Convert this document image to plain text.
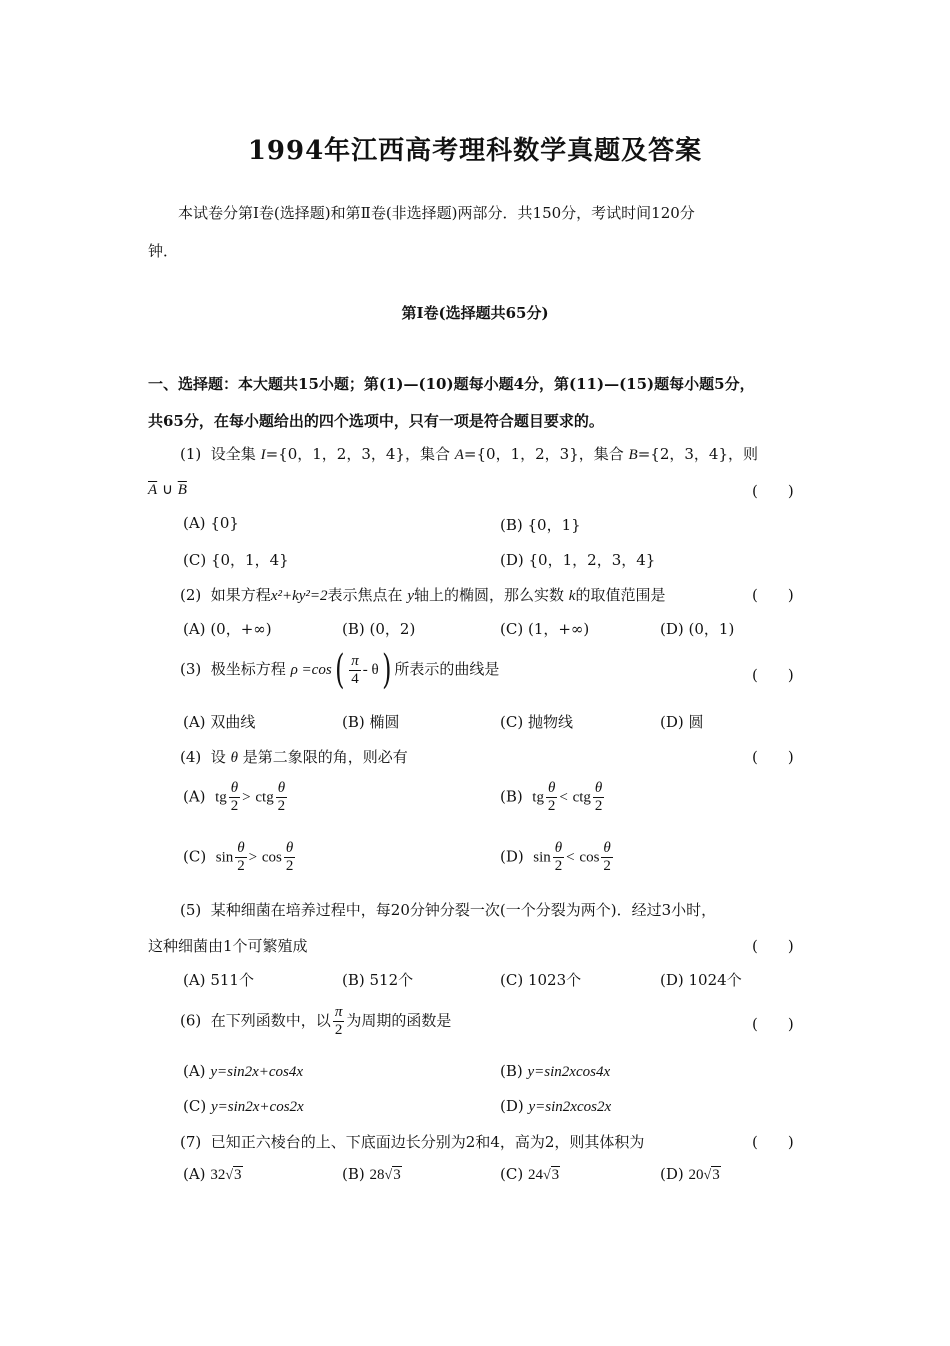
1994年江西高考理科数学真题及答案
本试卷分第Ⅰ卷(选择题)和第Ⅱ卷(非选择题)两部分．共150分，考试时间120分
钟．
第Ⅰ卷(选择题共65分)
一、选择题：本大题共15小题；第(1)—(10)题每小题4分，第(11)—(15)题每小题5分，
共65分，在每小题给出的四个选项中，只有一项是符合题目要求的。
(1) 设全集 I={0，1，2，3，4}，集合 A={0，1，2，3}，集合 B={2，3，4}，则
$\overline{A}$ ∪ $\overline{B}$	(　　)
(A) {0}	(B) {0，1}
(C) {0，1，4}	(D) {0，1，2，3，4}
(2) 如果方程x²+ky²=2表示焦点在 y轴上的椭圆，那么实数 k的取值范围是	(　　)
(A) (0，+∞)	(B) (0，2)	(C) (1，+∞)	(D) (0，1)
(3) 极坐标方程 $\rho =\cos( \frac{\pi}{4} - \theta)$ 所表示的曲线是	(　　)
(A) 双曲线	(B) 椭圆	(C) 抛物线	(D) 圆
(4) 设 θ 是第二象限的角，则必有	(　　)
(A) tg $\frac{\theta}{2}$ > ctg $\frac{\theta}{2}$	(B) tg $\frac{\theta}{2}$ < ctg $\frac{\theta}{2}$
(C) $\sin \frac{\theta}{2} > \cos \frac{\theta}{2}$	(D) $\sin \frac{\theta}{2} < \cos \frac{\theta}{2}$
(5) 某种细菌在培养过程中，每20分钟分裂一次(一个分裂为两个)．经过3小时，
这种细菌由1个可繁殖成	(　　)
(A) 511个	(B) 512个	(C) 1023个	(D) 1024个
(6) 在下列函数中，以 $\frac{\pi}{2}$ 为周期的函数是	(　　)
(A) y=sin2x+cos4x	(B) y=sin2xcos4x
(C) y=sin2x+cos2x	(D) y=sin2xcos2x
(7) 已知正六棱台的上、下底面边长分别为2和4，高为2，则其体积为	(　　)
(A) 32√3	(B) 28√3	(C) 24√3	(D) 20√3
